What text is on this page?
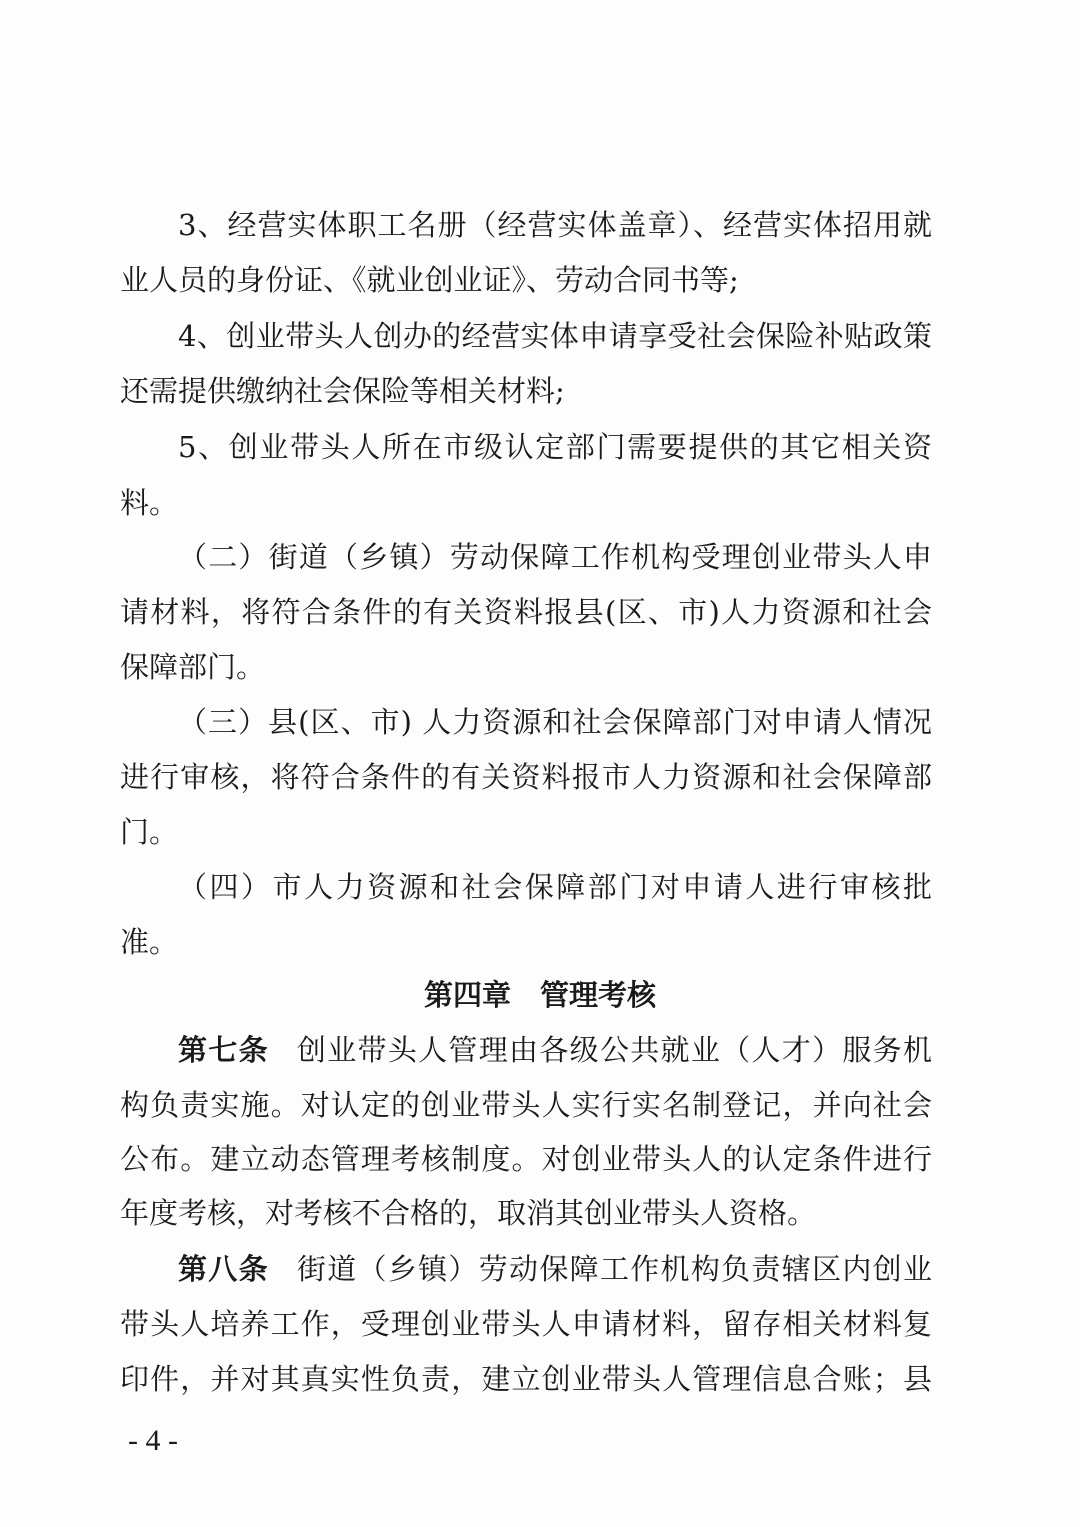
3、经营实体职工名册（经营实体盖章）、经营实体招用就
业人员的身份证、《就业创业证》、劳动合同书等;
4、创业带头人创办的经营实体申请享受社会保险补贴政策
还需提供缴纳社会保险等相关材料;
5、创业带头人所在市级认定部门需要提供的其它相关资
料。
（二）街道（乡镇）劳动保障工作机构受理创业带头人申
请材料，将符合条件的有关资料报县(区、市)人力资源和社会
保障部门。
（三）县(区、市) 人力资源和社会保障部门对申请人情况
进行审核，将符合条件的有关资料报市人力资源和社会保障部
门。
（四）市人力资源和社会保障部门对申请人进行审核批
准。
第四章　管理考核
第七条 创业带头人管理由各级公共就业（人才）服务机
构负责实施。对认定的创业带头人实行实名制登记，并向社会
公布。建立动态管理考核制度。对创业带头人的认定条件进行
年度考核，对考核不合格的，取消其创业带头人资格。
第八条 街道（乡镇）劳动保障工作机构负责辖区内创业
带头人培养工作，受理创业带头人申请材料，留存相关材料复
印件，并对其真实性负责，建立创业带头人管理信息合账；县
- 4 -
